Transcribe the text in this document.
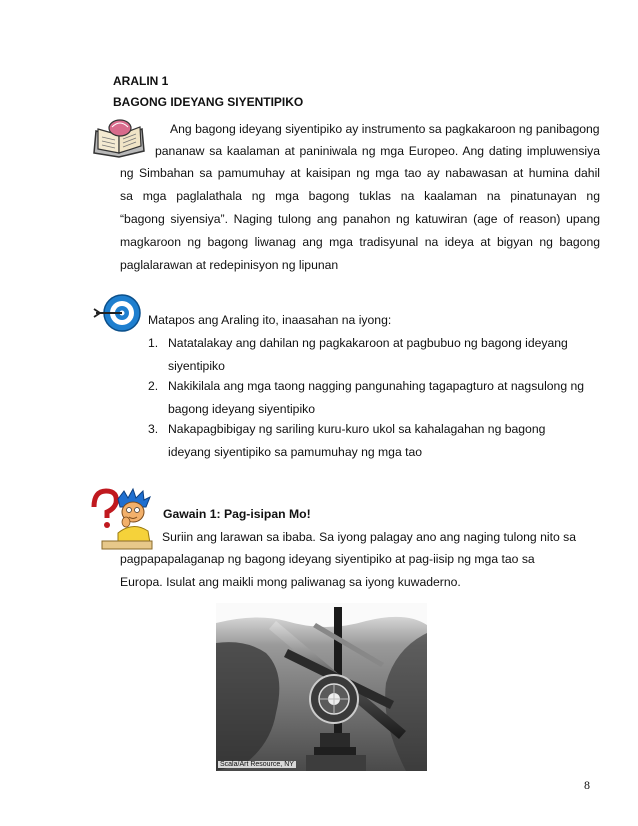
ARALIN 1
BAGONG IDEYANG SIYENTIPIKO
Ang bagong ideyang siyentipiko ay instrumento sa pagkakaroon ng panibagong
pananaw sa kaalaman at paniniwala ng mga Europeo. Ang dating impluwensiya
ng Simbahan sa pamumuhay at kaisipan ng mga tao ay nabawasan at humina dahil
sa mga paglalathala ng mga bagong tuklas na kaalaman na pinatunayan ng
“bagong siyensiya”. Naging tulong ang panahon ng katuwiran (age of reason) upang
magkaroon ng bagong liwanag ang mga tradisyunal na ideya at bigyan ng bagong
paglalarawan at redepinisyon ng lipunan
Matapos ang Araling ito, inaasahan na iyong:
1. Natatalakay ang dahilan ng pagkakaroon at pagbubuo ng bagong ideyang
siyentipiko
2. Nakikilala ang mga taong nagging pangunahing tagapagturo at nagsulong ng
bagong ideyang siyentipiko
3. Nakapagbibigay ng sariling kuru-kuro ukol sa kahalagahan ng bagong
ideyang siyentipiko sa pamumuhay ng mga tao
Gawain 1: Pag-isipan Mo!
Suriin ang larawan sa ibaba. Sa iyong palagay ano ang naging tulong nito sa
pagpapapalaganap ng bagong ideyang siyentipiko at pag-iisip ng mga tao sa
Europa. Isulat ang maikli mong paliwanag sa iyong kuwaderno.
Scala/Art Resource, NY
8
